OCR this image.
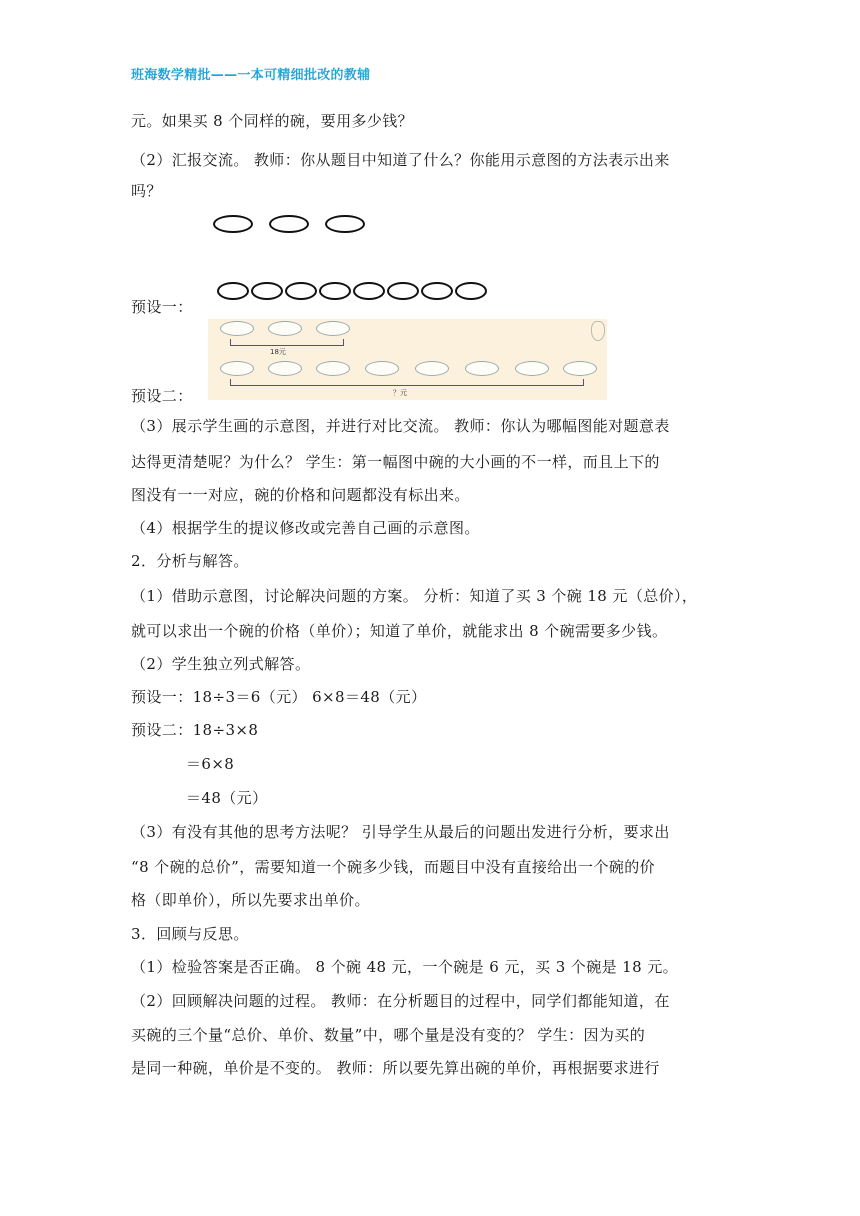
班海数学精批——一本可精细批改的教辅
元。如果买 8 个同样的碗，要用多少钱？
（2）汇报交流。 教师：你从题目中知道了什么？你能用示意图的方法表示出来
吗？
预设一：
18元
？元
预设二：
（3）展示学生画的示意图，并进行对比交流。 教师：你认为哪幅图能对题意表
达得更清楚呢？为什么？ 学生：第一幅图中碗的大小画的不一样，而且上下的
图没有一一对应，碗的价格和问题都没有标出来。
（4）根据学生的提议修改或完善自己画的示意图。
2．分析与解答。
（1）借助示意图，讨论解决问题的方案。 分析：知道了买 3 个碗 18 元（总价），
就可以求出一个碗的价格（单价）；知道了单价，就能求出 8 个碗需要多少钱。
（2）学生独立列式解答。
预设一：18÷3＝6（元） 6×8＝48（元）
预设二：18÷3×8
＝6×8
＝48（元）
（3）有没有其他的思考方法呢？ 引导学生从最后的问题出发进行分析，要求出
“8 个碗的总价”，需要知道一个碗多少钱，而题目中没有直接给出一个碗的价
格（即单价），所以先要求出单价。
3．回顾与反思。
（1）检验答案是否正确。 8 个碗 48 元，一个碗是 6 元，买 3 个碗是 18 元。
（2）回顾解决问题的过程。 教师：在分析题目的过程中，同学们都能知道，在
买碗的三个量“总价、单价、数量”中，哪个量是没有变的？ 学生：因为买的
是同一种碗，单价是不变的。 教师：所以要先算出碗的单价，再根据要求进行
